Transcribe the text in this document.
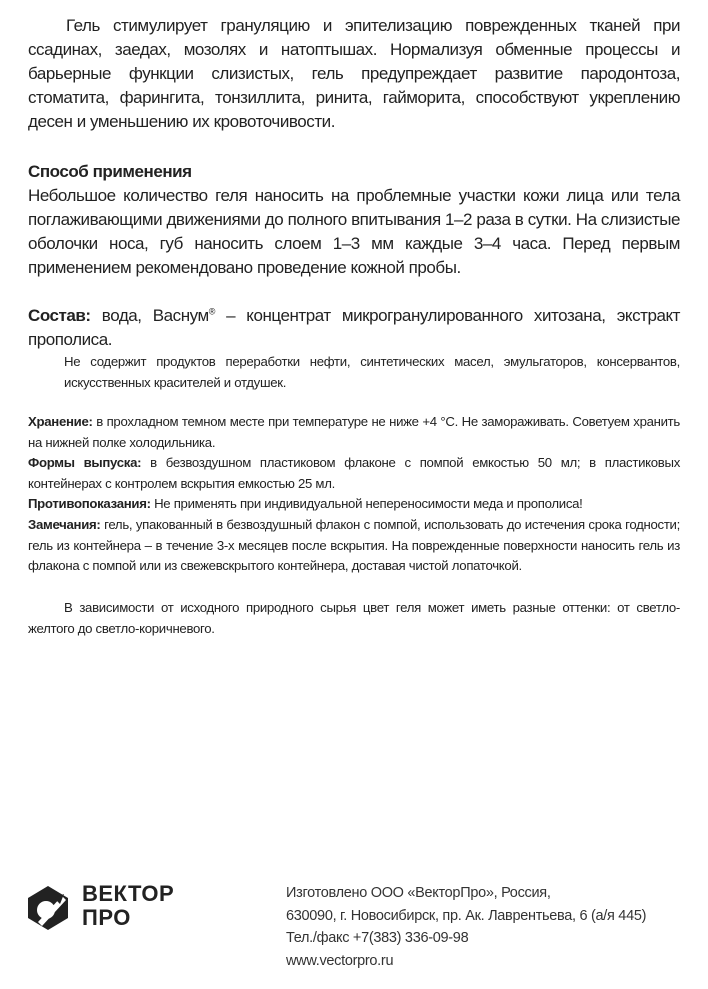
Гель стимулирует грануляцию и эпителизацию поврежденных тканей при ссадинах, заедах, мозолях и натоптышах. Нормализуя обменные процессы и барьерные функции слизистых, гель предупреждает развитие пародонтоза, стоматита, фарингита, тонзиллита, ринита, гайморита, способствуют укреплению десен и уменьшению их кровоточивости.

Способ применения

Небольшое количество геля наносить на проблемные участки кожи лица или тела поглаживающими движениями до полного впитывания 1–2 раза в сутки. На слизистые оболочки носа, губ наносить слоем 1–3 мм каждые 3–4 часа. Перед первым применением рекомендовано проведение кожной пробы.

Состав: вода, Васнум® – концентрат микрогранулированного хитозана, экстракт прополиса.

Не содержит продуктов переработки нефти, синтетических масел, эмульгаторов, консервантов, искусственных красителей и отдушек.

Хранение: в прохладном темном месте при температуре не ниже +4 °С. Не замораживать. Советуем хранить на нижней полке холодильника.

Формы выпуска: в безвоздушном пластиковом флаконе с помпой емкостью 50 мл; в пластиковых контейнерах с контролем вскрытия емкостью 25 мл.

Противопоказания: Не применять при индивидуальной непереносимости меда и прополиса!

Замечания: гель, упакованный в безвоздушный флакон с помпой, использовать до истечения срока годности; гель из контейнера – в течение 3-х месяцев после вскрытия. На поврежденные поверхности наносить гель из флакона с помпой или из свежевскрытого контейнера, доставая чистой лопаточкой.

В зависимости от исходного природного сырья цвет геля может иметь разные оттенки: от светло-желтого до светло-коричневого.

ВЕКТОР
ПРО
Изготовлено ООО «ВекторПро», Россия,
630090, г. Новосибирск, пр. Ак. Лаврентьева, 6 (а/я 445)
Тел./факс +7(383) 336-09-98
www.vectorpro.ru
